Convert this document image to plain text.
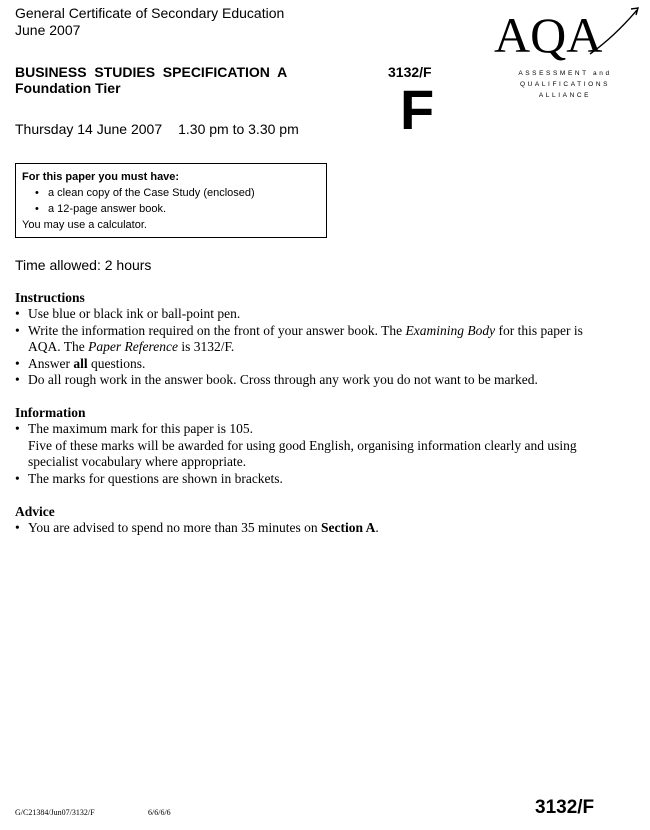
General Certificate of Secondary Education
June 2007	AQA
ASSESSMENT and
QUALIFICATIONS
ALLIANCE
BUSINESS  STUDIES  SPECIFICATION  A
Foundation Tier
3132/F
F
Thursday 14 June 2007 1.30 pm to 3.30 pm
For this paper you must have:
• a clean copy of the Case Study (enclosed)
• a 12-page answer book.
You may use a calculator.
Time allowed: 2 hours
Instructions
• Use blue or black ink or ball-point pen.
• Write the information required on the front of your answer book. The Examining Body for this paper is AQA. The Paper Reference is 3132/F.
• Answer all questions.
• Do all rough work in the answer book. Cross through any work you do not want to be marked.
Information
• The maximum mark for this paper is 105.
Five of these marks will be awarded for using good English, organising information clearly and using specialist vocabulary where appropriate.
• The marks for questions are shown in brackets.
Advice
• You are advised to spend no more than 35 minutes on Section A.
G/C21384/Jun07/3132/F	6/6/6/6	3132/F
